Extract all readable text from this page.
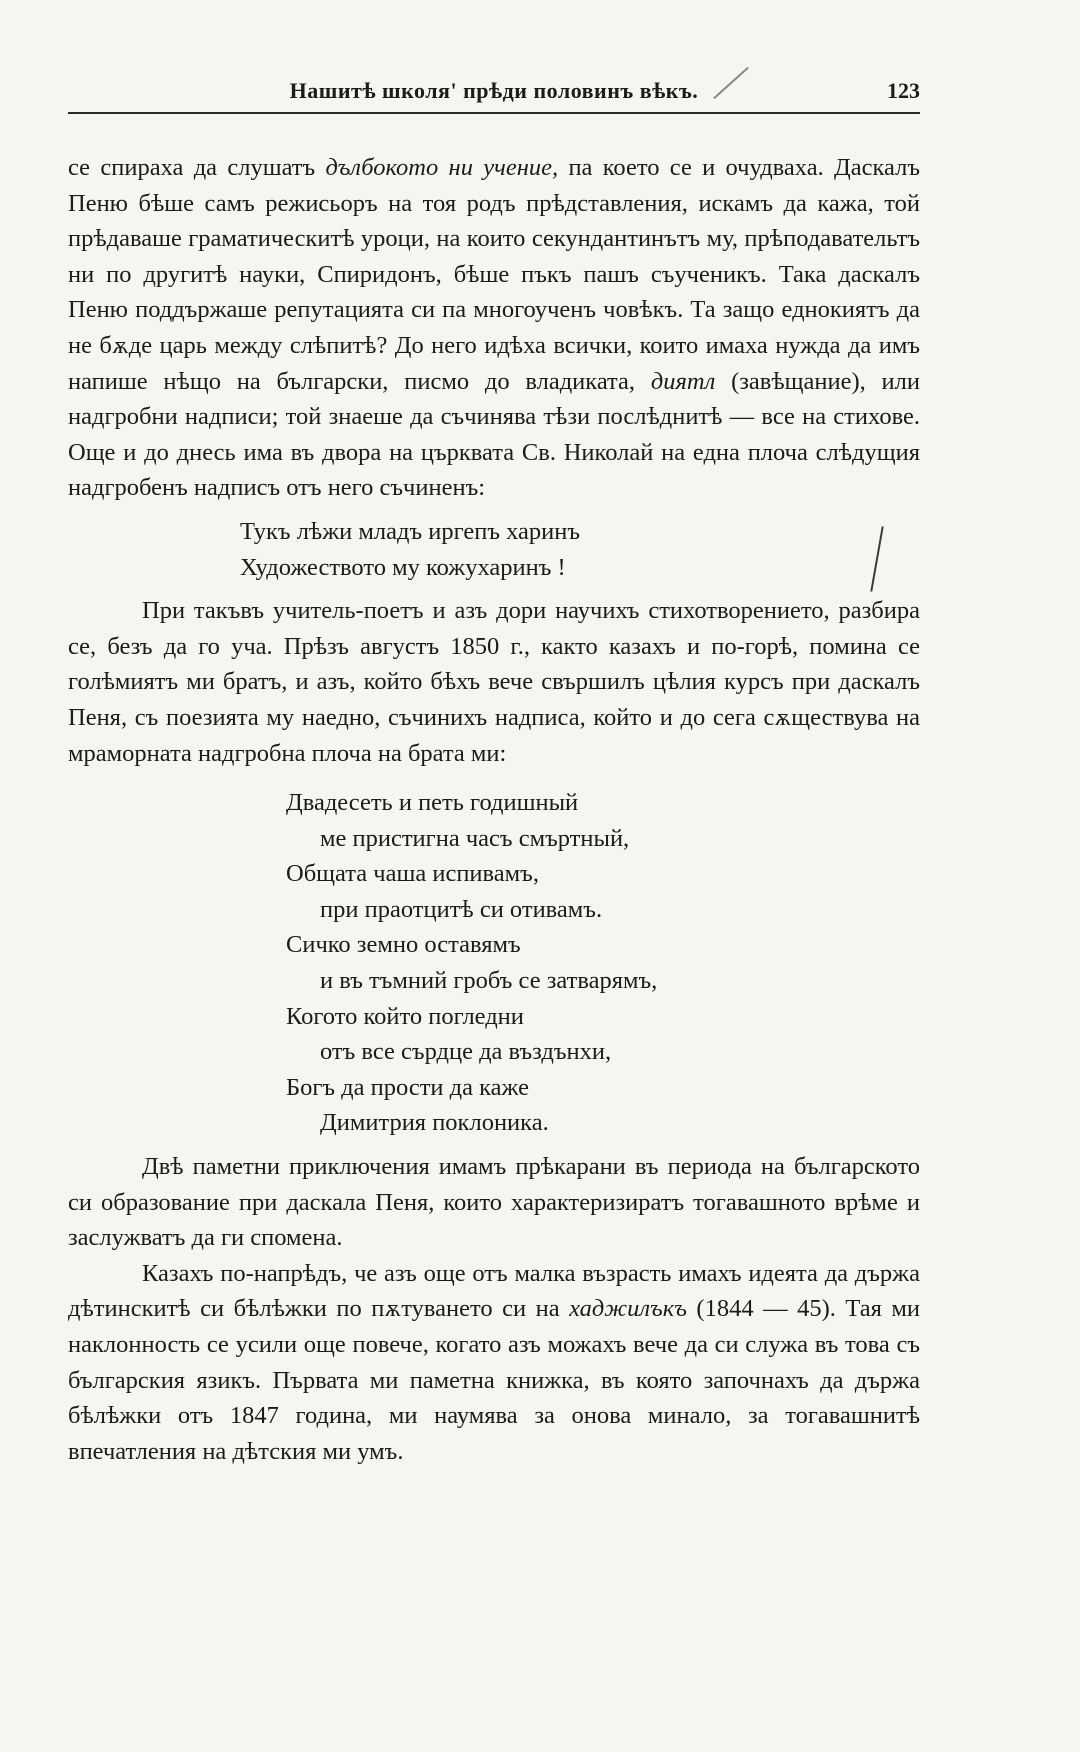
Нашитѣ школя' прѣди половинъ вѣкъ.	123

се спираха да слушатъ дълбокото ни учение, па което се и очудваха. Даскалъ Пеню бѣше самъ режисьоръ на тоя родъ прѣдставления, искамъ да кажа, той прѣдаваше граматическитѣ уроци, на които секундантинътъ му, прѣподавательтъ ни по другитѣ науки, Спиридонъ, бѣше пъкъ пашъ съученикъ. Така даскалъ Пеню поддържаше репутацията си па многоученъ човѣкъ. Та защо еднокиятъ да не бѫде царь между слѣпитѣ? До него идѣха всички, които имаха нужда да имъ напише нѣщо на български, писмо до владиката, диятл (завѣщание), или надгробни надписи; той знаеше да съчинява тѣзи послѣднитѣ — все на стихове. Още и до днесь има въ двора на църквата Св. Николай на една плоча слѣдущия надгробенъ надписъ отъ него съчиненъ:

Тукъ лѣжи младъ иргепъ харинъ
Художеството му кожухаринъ !

При такъвъ учитель-поетъ и азъ дори научихъ стихотворението, разбира се, безъ да го уча. Прѣзъ августъ 1850 г., както казахъ и по-горѣ, помина се голѣмиятъ ми братъ, и азъ, който бѣхъ вече свършилъ цѣлия курсъ при даскалъ Пеня, съ поезията му наедно, съчинихъ надписа, който и до сега сѫществува на мраморната надгробна плоча на брата ми:

Двадесеть и петь годишный
ме пристигна часъ смъртный,
Общата чаша испивамъ,
при праотцитѣ си отивамъ.
Сичко земно оставямъ
и въ тъмний гробъ се затварямъ,
Когото който погледни
отъ все сърдце да въздънхи,
Богъ да прости да каже
Димитрия поклоника.

Двѣ паметни приключения имамъ прѣкарани въ периода на българското си образование при даскала Пеня, които характеризиратъ тогавашното врѣме и заслужватъ да ги спомена.

Казахъ по-напрѣдъ, че азъ още отъ малка възрасть имахъ идеята да държа дѣтинскитѣ си бѣлѣжки по пѫтуването си на хаджилъкъ (1844 — 45). Тая ми наклонность се усили още повече, когато азъ можахъ вече да си служа въ това съ българския язикъ. Първата ми паметна книжка, въ която започнахъ да държа бѣлѣжки отъ 1847 година, ми наумява за онова минало, за тогавашнитѣ впечатления на дѣтския ми умъ.
